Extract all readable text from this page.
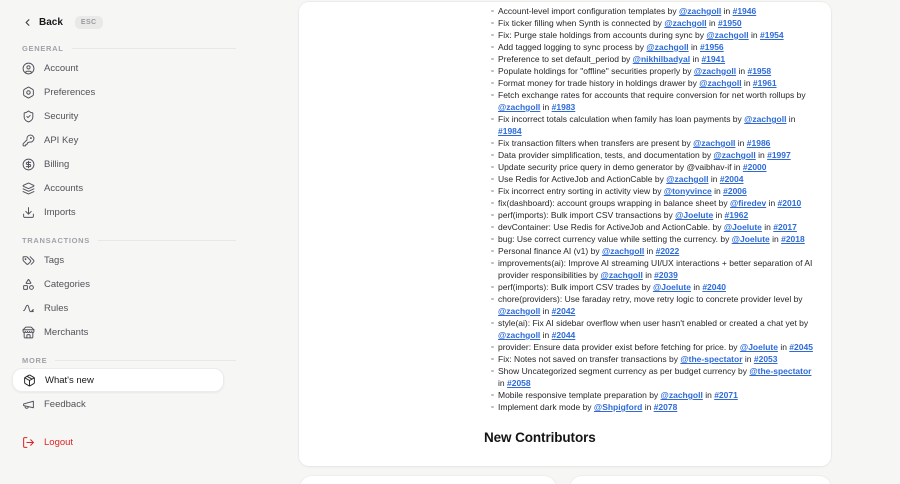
Back	ESC
GENERAL
Account
Preferences
Security
API Key
Billing
Accounts
Imports
TRANSACTIONS
Tags
Categories
Rules
Merchants
MORE
What's new
Feedback
Logout
Account-level import configuration templates by @zachgoll in #1946
Fix ticker filling when Synth is connected by @zachgoll in #1950
Fix: Purge stale holdings from accounts during sync by @zachgoll in #1954
Add tagged logging to sync process by @zachgoll in #1956
Preference to set default_period by @nikhilbadyal in #1941
Populate holdings for "offline" securities properly by @zachgoll in #1958
Format money for trade history in holdings drawer by @zachgoll in #1961
Fetch exchange rates for accounts that require conversion for net worth rollups by @zachgoll in #1983
Fix incorrect totals calculation when family has loan payments by @zachgoll in #1984
Fix transaction filters when transfers are present by @zachgoll in #1986
Data provider simplification, tests, and documentation by @zachgoll in #1997
Update security price query in demo generator by @vaibhav-if in #2000
Use Redis for ActiveJob and ActionCable by @zachgoll in #2004
Fix incorrect entry sorting in activity view by @tonyvince in #2006
fix(dashboard): account groups wrapping in balance sheet by @firedev in #2010
perf(imports): Bulk import CSV transactions by @Joelute in #1962
devContainer: Use Redis for ActiveJob and ActionCable. by @Joelute in #2017
bug: Use correct currency value while setting the currency. by @Joelute in #2018
Personal finance AI (v1) by @zachgoll in #2022
improvements(ai): Improve AI streaming UI/UX interactions + better separation of AI provider responsibilities by @zachgoll in #2039
perf(imports): Bulk import CSV trades by @Joelute in #2040
chore(providers): Use faraday retry, move retry logic to concrete provider level by @zachgoll in #2042
style(ai): Fix AI sidebar overflow when user hasn't enabled or created a chat yet by @zachgoll in #2044
provider: Ensure data provider exist before fetching for price. by @Joelute in #2045
Fix: Notes not saved on transfer transactions by @the-spectator in #2053
Show Uncategorized segment currency as per budget currency by @the-spectator in #2058
Mobile responsive template preparation by @zachgoll in #2071
Implement dark mode by @Shpigford in #2078
New Contributors
